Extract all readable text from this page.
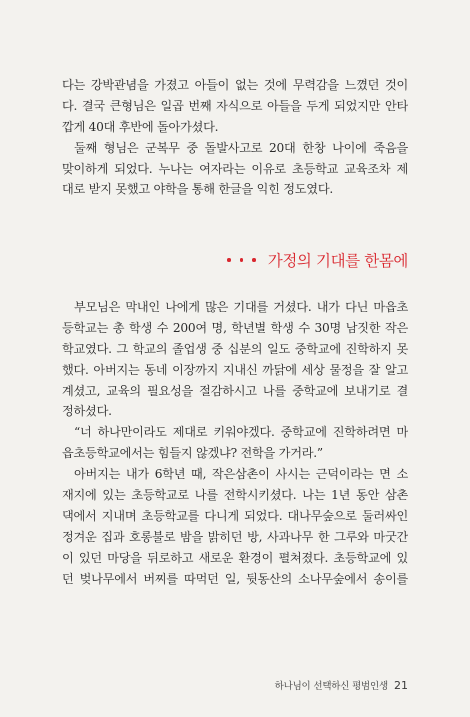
다는 강박관념을 가졌고 아들이 없는 것에 무력감을 느꼈던 것이
다. 결국 큰형님은 일곱 번째 자식으로 아들을 두게 되었지만 안타
깝게 40대 후반에 돌아가셨다.
둘째 형님은 군복무 중 돌발사고로 20대 한창 나이에 죽음을
맞이하게 되었다. 누나는 여자라는 이유로 초등학교 교육조차 제
대로 받지 못했고 야학을 통해 한글을 익힌 정도였다.
가정의 기대를 한몸에
부모님은 막내인 나에게 많은 기대를 거셨다. 내가 다닌 마읍초
등학교는 총 학생 수 200여 명, 학년별 학생 수 30명 남짓한 작은
학교였다. 그 학교의 졸업생 중 십분의 일도 중학교에 진학하지 못
했다. 아버지는 동네 이장까지 지내신 까닭에 세상 물정을 잘 알고
계셨고, 교육의 필요성을 절감하시고 나를 중학교에 보내기로 결
정하셨다.
“너 하나만이라도 제대로 키워야겠다. 중학교에 진학하려면 마
읍초등학교에서는 힘들지 않겠냐? 전학을 가거라.”
아버지는 내가 6학년 때, 작은삼촌이 사시는 근덕이라는 면 소
재지에 있는 초등학교로 나를 전학시키셨다. 나는 1년 동안 삼촌
댁에서 지내며 초등학교를 다니게 되었다. 대나무숲으로 둘러싸인
정겨운 집과 호롱불로 밤을 밝히던 방, 사과나무 한 그루와 마굿간
이 있던 마당을 뒤로하고 새로운 환경이 펼쳐졌다. 초등학교에 있
던 벚나무에서 버찌를 따먹던 일, 뒷동산의 소나무숲에서 송이를
하나님이 선택하신 평범인생 21
